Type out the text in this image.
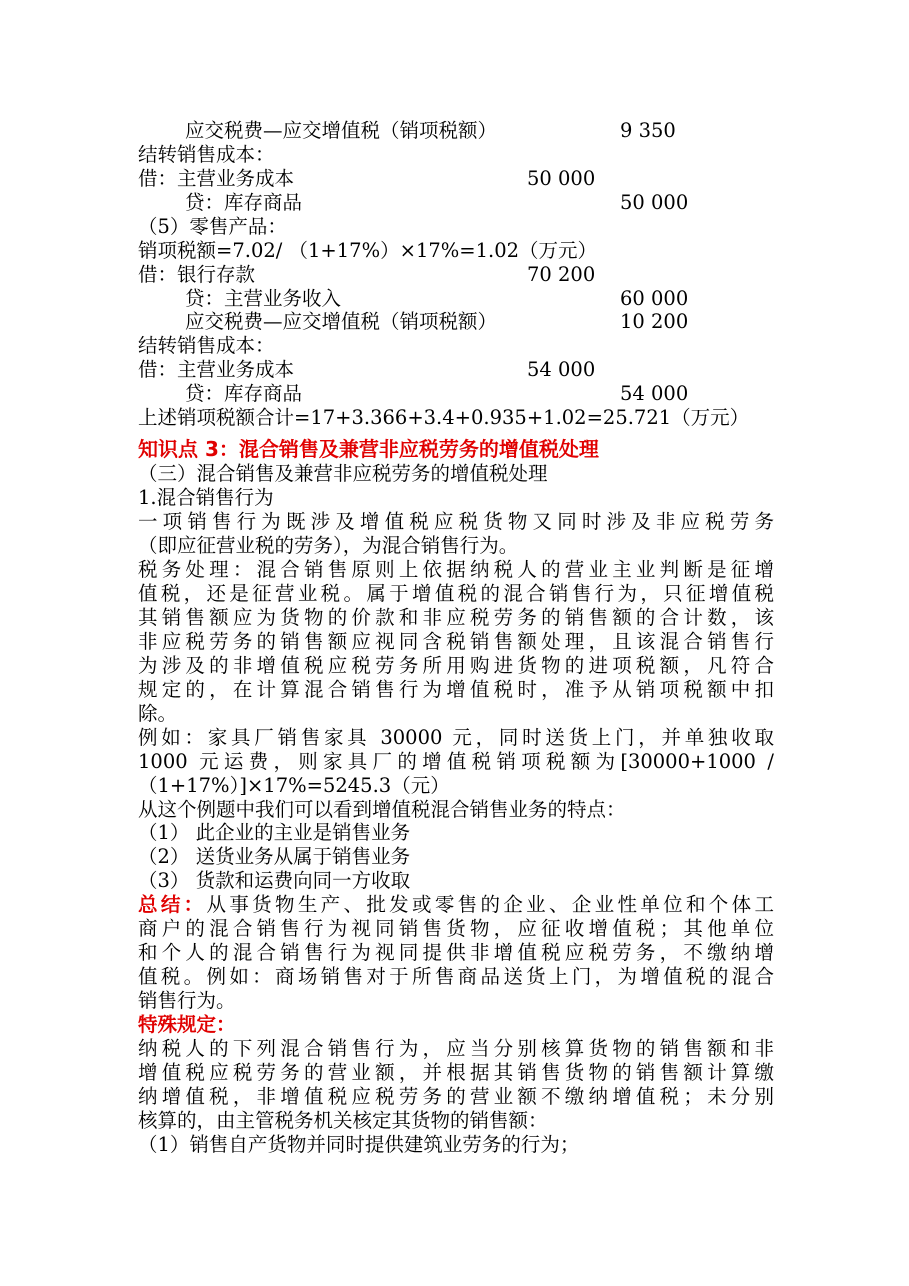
应交税费—应交增值税（销项税额）	9 350
结转销售成本：
借：主营业务成本	50 000
贷：库存商品	50 000
（5）零售产品：
销项税额=7.02/ （1+17%）×17%=1.02（万元）
借：银行存款	70 200
贷：主营业务收入	60 000
应交税费—应交增值税（销项税额）	10 200
结转销售成本：
借：主营业务成本	54 000
贷：库存商品	54 000
上述销项税额合计=17+3.366+3.4+0.935+1.02=25.721（万元）
知识点 3：混合销售及兼营非应税劳务的增值税处理
（三）混合销售及兼营非应税劳务的增值税处理
1.混合销售行为
一项销售行为既涉及增值税应税货物又同时涉及非应税劳务
（即应征营业税的劳务），为混合销售行为。
税务处理：混合销售原则上依据纳税人的营业主业判断是征增
值税，还是征营业税。属于增值税的混合销售行为，只征增值税
其销售额应为货物的价款和非应税劳务的销售额的合计数，该
非应税劳务的销售额应视同含税销售额处理，且该混合销售行
为涉及的非增值税应税劳务所用购进货物的进项税额，凡符合
规定的，在计算混合销售行为增值税时，准予从销项税额中扣
除。
例如：家具厂销售家具 30000 元，同时送货上门，并单独收取
1000 元运费，则家具厂的增值税销项税额为[30000+1000 /
（1+17%）]×17%=5245.3（元）
从这个例题中我们可以看到增值税混合销售业务的特点：
（1） 此企业的主业是销售业务
（2） 送货业务从属于销售业务
（3） 货款和运费向同一方收取
总结：从事货物生产、批发或零售的企业、企业性单位和个体工
商户的混合销售行为视同销售货物，应征收增值税；其他单位
和个人的混合销售行为视同提供非增值税应税劳务，不缴纳增
值税。例如：商场销售对于所售商品送货上门，为增值税的混合
销售行为。
特殊规定：
纳税人的下列混合销售行为，应当分别核算货物的销售额和非
增值税应税劳务的营业额，并根据其销售货物的销售额计算缴
纳增值税，非增值税应税劳务的营业额不缴纳增值税；未分别
核算的，由主管税务机关核定其货物的销售额：
（1）销售自产货物并同时提供建筑业劳务的行为；
